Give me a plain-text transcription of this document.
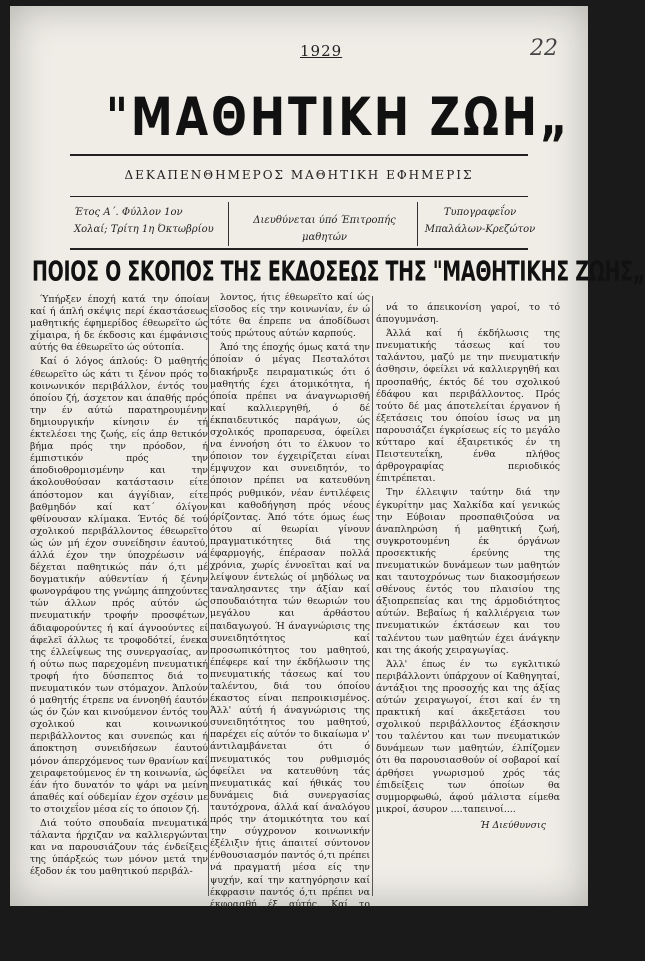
1929	22
"ΜΑΘΗΤΙΚΗ ΖΩΗ„
ΔΕΚΑΠΕΝΘΗΜΕΡΟΣ ΜΑΘΗΤΙΚΗ ΕΦΗΜΕΡΙΣ
Έτος Α΄. Φύλλον 1ον
Χολαί; Τρίτη 1η Όκτωβρίου
Διευθύνεται ύπό Έπιτροπής μαθητών
Τυπογραφεΐον
Μπαλάλων-Κρεζώτον
ΠΟΙΟΣ Ο ΣΚΟΠΟΣ ΤΗΣ ΕΚΔΟΣΕΩΣ ΤΗΣ "ΜΑΘΗΤΙΚΗΣ ΖΩΗΣ„

Ύπήρξεν έποχή κατά την όποίαν καί ή άπλή σκέψις περί έκαστάσεως μαθητικής έφημερίδος έθεωρεϊτο ώς χίμαιρα, ή δε έκδοσις και έμφάνισις αύτής θα έθεωρεϊτο ώς ούτοπία.

Καί ό λόγος άπλούς: Ό μαθητής έθεωρεϊτο ώς κάτι τι ξένον πρός το κοινωνικόν περιβάλλον, έντός του όποίου ζή, άσχετον και άπαθής πρός την έν αύτώ παρατηρουμένην δημιουργικήν κίνησιν έν τή έκτελέσει της ζωής, είς άπρ θετικόν βήμα πρός την πρόοδον, ή έμπιστικόν πρός την άποδιοθρομισμένην και την άκολουθούσαν κατάστασιν είτε άπόστομον και άγγίδιαν, είτε βαθμηδόν καί κατ΄ όλίγον φθίνουσαν κλίμακα. Έντός δέ τού σχολικού περιβάλλοντος έθεωρεϊτο ώς ών μή έχον συνείδησιν έαυτού, άλλά έχον την ύποχρέωσιν νά δέχεται παθητικώς πάν ό,τι μέ δογματικήν αύθεντίαν ή ξένην φωνογράφου της γνώμης άπηχούντες τών άλλων πρός αύτόν ώς πνευματικήν τροφήν προσφέτων, άδιαφορούντες ή καί άγνοούντες εί άφελεϊ άλλως τε τροφοδότεί, ένεκα της έλλείψεως της συνεργασίας, αν ή ούτω πως παρεχομένη πνευματική τροφή ήτο δύσπεπτος διά το πνευματικόν των στόμαχον. Άπλούν ό μαθητής έτρεπε να έννοηθή έαυτόν ώς όν ζών και κινούμενον έντός του σχολικού και κοινωνικού περιβάλλοντος και συνεπώς και ή άποκτηση συνειδήσεων έαυτού μόνον άπερχόμενος των θρανίων καί χειραφετούμενος έν τη κοινωνία, ώς έάν ήτο δυνατόν το ψάρι να μείνη άπαθές καί ούδεμίαν έχον σχέσιν με το στοιχεΐον μέσα είς το όποιον ζή.

Διά τούτο σπουδαία πνευματικά τάλαντα ήρχιζαν να καλλιεργώνται και να παρουσιάζουν τάς ένδείξεις της ύπάρξεώς των μόνον μετά την έξοδον έκ του μαθητικού περιβάλ-

λοντος, ήτις έθεωρεϊτο καί ώς εϊσοδος είς την κοινωνίαν, έν ώ τότε θα έπρεπε να άποδίδωσι τούς πρώτους αύτών καρπούς.

Άπό της έποχής όμως κατά την όποίαν ό μέγας Πεσταλότσι διακήρυξε πειραματικώς ότι ό μαθητής έχει άτομικότητα, ή όποία πρέπει να άναγνωρισθή καί καλλιεργηθή, ό δέ έκπαιδευτικός παράγων, ώς σχολικός προπαρευσα, όφείλει να έννοήση ότι το έλκυον το όποιον τον έγχειρίζεται είναι έμψυχον και συνειδητόν, το όποιον πρέπει να κατευθύνη πρός ρυθμικόν, νέαν έντιλέφεις και καθοδήγηση πρός νέους όρίζοντας. Άπό τότε όμως έως ότου αί θεωρίαι γίνουν πραγματικότητες διά της έφαρμογής, έπέρασαν πολλά χρόνια, χωρίς έννοεϊται καί να λείψουν έντελώς οί μηδόλως να ταναλησαντες την άξίαν καί σπουδαιότητα τών θεωριών του μεγάλου και άρθάστου παιδαγωγού. Ή άναγνώρισις της συνειδητότητος καί προσωπικότητος του μαθητού, έπέφερε καί την έκδήλωσιν της πνευματικής τάσεως καί του ταλέντου, διά του όποίου έκαστος είναι πεπροικισμένος. Άλλ' αύτή ή άναγνώρισις της συνειδητότητος του μαθητού, παρέχει είς αύτόν το δικαίωμα ν' άντιλαμβάνεται ότι ό πνευματικός του ρυθμισμός όφείλει να κατευθύνη τάς πνευματικάς καί ήθικάς του δυνάμεις διά συνεργασίας ταυτόχρονα, άλλά καί άναλόγου πρός την άτομικότητα του καί την σύγχρονον κοινωνικήν έξέλιξιν ήτις άπαιτεί σύντονον ένθουσιασμόν παντός ό,τι πρέπει νά πραγματή μέσα είς την ψυχήν, καί την κατηγόρησιν καί έκφρασιν παντός ό,τι πρέπει να έκφρασθή έξ αύτής. Καί το δικαίωμα το όποιον παρέχει είς αύτόν ή άναγνώρισις της συνειδητότητος αύτού, νομίζει ότι πρέπει

νά το άπεικονίση γαροί, το τό άπογυμνάση.

Άλλά καί ή έκδήλωσις της πνευματικής τάσεως καί του ταλάντου, μαζύ με την πνευματικήν άσθησιν, όφείλει νά καλλιεργηθή και προσπαθής, έκτός δέ του σχολικού έδάφου και περιβάλλοντος. Πρός τούτο δέ μας άποτελείται έργανον ή έξετάσεις του όποίου ίσως να μη παρουσιάζει έγκρίσεως είς το μεγάλο κύτταρο καί έξαιρετικός έν τη Πειστευτεΐκη, ένθα πλήθος άρθρογραφίας περιοδικός έπιτρέπεται.

Την έλλειψιν ταύτην διά την έγκυρίτην μας Χαλκίδα καί γενικώς την Εύβοιαν προσπαθιζούσα να άναπληρώση ή μαθητική ζωή, συγκροτουμένη έκ όργάνων προσεκτικής έρεύνης της πνευματικών δυνάμεων των μαθητών και ταυτοχρόνως των διακοσμήσεων σθένους έντός του πλαισίου της άξιοπρεπείας και της άρμοδιότητος αύτών. Βεβαίως ή καλλιέργεια των πνευματικών έκτάσεων και του ταλέντου των μαθητών έχει άνάγκην και της άκοής χειραγωγίας.

Άλλ' έπως έν τω εγκλιτικώ περιβάλλοντι ύπάρχουν οί Καθηγηταί, άντάξιοι της προσοχής και της άξίας αύτών χειραγωγοί, έτσι καί έν τη πρακτική καί άκεξετάσει του σχολικού περιβάλλοντος έξάσκησιν του ταλέντου και των πνευματικών δυνάμεων των μαθητών, έλπίζομεν ότι θα παρουσιασθούν οί σοβαροί καί άρθήσει γνωρισμού χρός τάς έπιδείξεις των όποίων θα συμμορφωθώ, άφού μάλιστα είμεθα μικροί, άσυρον ....ταπεινοί....

Ή Διεύθυνσις
